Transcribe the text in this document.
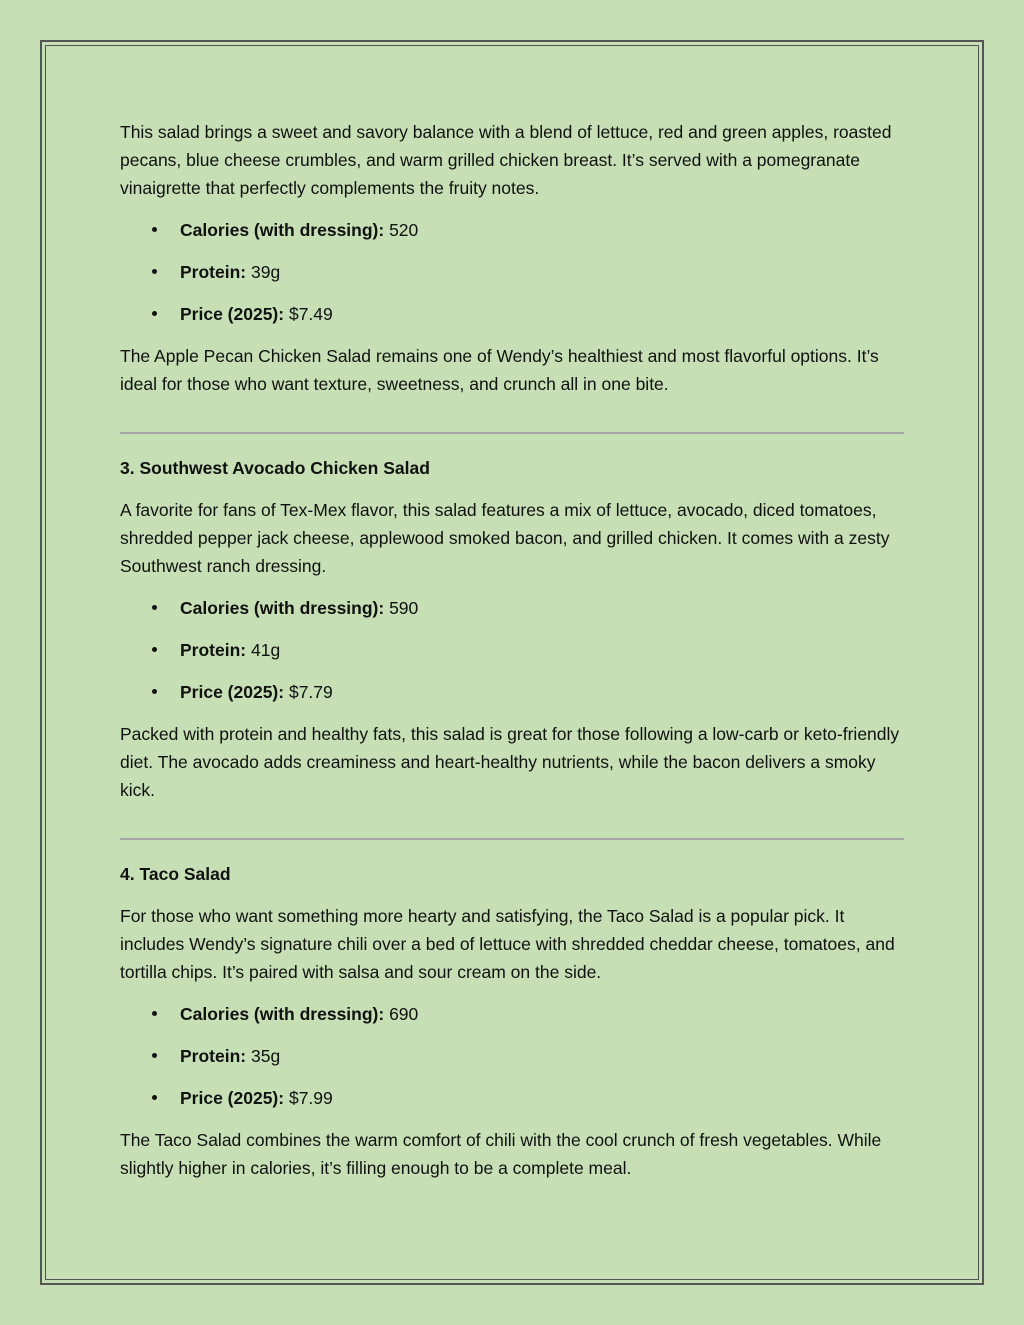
This salad brings a sweet and savory balance with a blend of lettuce, red and green apples, roasted pecans, blue cheese crumbles, and warm grilled chicken breast. It’s served with a pomegranate vinaigrette that perfectly complements the fruity notes.

Calories (with dressing): 520
Protein: 39g
Price (2025): $7.49

The Apple Pecan Chicken Salad remains one of Wendy’s healthiest and most flavorful options. It’s ideal for those who want texture, sweetness, and crunch all in one bite.

3. Southwest Avocado Chicken Salad

A favorite for fans of Tex-Mex flavor, this salad features a mix of lettuce, avocado, diced tomatoes, shredded pepper jack cheese, applewood smoked bacon, and grilled chicken. It comes with a zesty Southwest ranch dressing.

Calories (with dressing): 590
Protein: 41g
Price (2025): $7.79

Packed with protein and healthy fats, this salad is great for those following a low-carb or keto-friendly diet. The avocado adds creaminess and heart-healthy nutrients, while the bacon delivers a smoky kick.

4. Taco Salad

For those who want something more hearty and satisfying, the Taco Salad is a popular pick. It includes Wendy’s signature chili over a bed of lettuce with shredded cheddar cheese, tomatoes, and tortilla chips. It’s paired with salsa and sour cream on the side.

Calories (with dressing): 690
Protein: 35g
Price (2025): $7.99

The Taco Salad combines the warm comfort of chili with the cool crunch of fresh vegetables. While slightly higher in calories, it’s filling enough to be a complete meal.
